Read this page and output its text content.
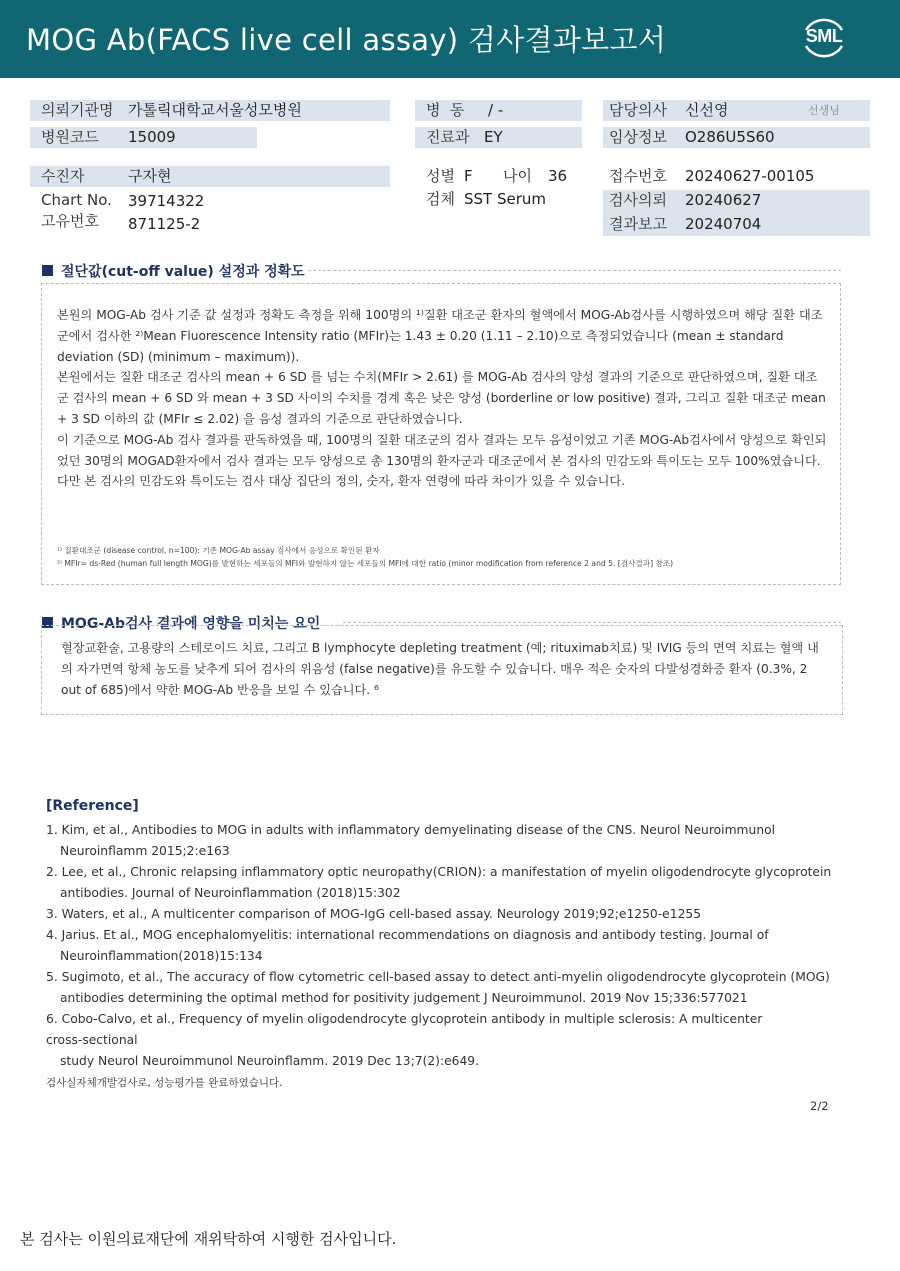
MOG Ab(FACS live cell assay) 검사결과보고서	SML
의뢰기관명 가톨릭대학교서울성모병원
병원코드 15009
병  동 / -
진료과 EY
담당의사 신선영	선생님
임상정보 O286U5S60
수진자	구자현
Chart No. 39714322
고유번호 871125-2
성별 F 나이 36
검체 SST Serum
접수번호 20240627-00105
검사의뢰 20240627
결과보고 20240704
절단값(cut-off value) 설정과 정확도

본원의 MOG-Ab 검사 기준 값 설정과 정확도 측정을 위해 100명의 ¹⁾질환 대조군 환자의 혈액에서 MOG-Ab검사를 시행하였으며 해당 질환 대조군에서 검사한 ²⁾Mean Fluorescence Intensity ratio (MFIr)는 1.43 ± 0.20 (1.11 – 2.10)으로 측정되었습니다 (mean ± standard deviation (SD) (minimum – maximum)).

본원에서는 질환 대조군 검사의 mean + 6 SD 를 넘는 수치(MFIr > 2.61) 를 MOG-Ab 검사의 양성 결과의 기준으로 판단하였으며, 질환 대조군 검사의 mean + 6 SD 와 mean + 3 SD 사이의 수치를 경계 혹은 낮은 양성 (borderline or low positive) 결과, 그리고 질환 대조군 mean + 3 SD 이하의 값 (MFIr ≤ 2.02) 을 음성 결과의 기준으로 판단하였습니다.

이 기준으로 MOG-Ab 검사 결과를 판독하였을 때, 100명의 질환 대조군의 검사 결과는 모두 음성이었고 기존 MOG-Ab검사에서 양성으로 확인되었던 30명의 MOGAD환자에서 검사 결과는 모두 양성으로 총 130명의 환자군과 대조군에서 본 검사의 민감도와 특이도는 모두 100%였습니다. 다만 본 검사의 민감도와 특이도는 검사 대상 집단의 정의, 숫자, 환자 연령에 따라 차이가 있을 수 있습니다.

¹⁾ 질환대조군 (disease control, n=100): 기존 MOG-Ab assay 검사에서 음성으로 확인된 환자
²⁾ MFIr= ds-Red (human full length MOG)를 발현하는 세포들의 MFI와 발현하지 않는 세포들의 MFI에 대한 ratio (minor modification from reference 2 and 5. [검사결과] 참조)
MOG-Ab검사 결과에 영향을 미치는 요인

혈장교환술, 고용량의 스테로이드 치료, 그리고 B lymphocyte depleting treatment (예; rituximab치료) 및 IVIG 등의 면역 치료는 혈액 내의 자가면역 항체 농도를 낮추게 되어 검사의 위음성 (false negative)를 유도할 수 있습니다. 매우 적은 숫자의 다발성경화증 환자 (0.3%, 2 out of 685)에서 약한 MOG-Ab 반응을 보일 수 있습니다. ⁶

[Reference]

1. Kim, et al., Antibodies to MOG in adults with inflammatory demyelinating disease of the CNS. Neurol Neuroimmunol

Neuroinflamm 2015;2:e163

2. Lee, et al., Chronic relapsing inflammatory optic neuropathy(CRION): a manifestation of myelin oligodendrocyte glycoprotein

antibodies. Journal of Neuroinflammation (2018)15:302

3. Waters, et al., A multicenter comparison of MOG-IgG cell-based assay. Neurology 2019;92;e1250-e1255

4. Jarius. Et al., MOG encephalomyelitis: international recommendations on diagnosis and antibody testing. Journal of

Neuroinflammation(2018)15:134

5. Sugimoto, et al., The accuracy of flow cytometric cell-based assay to detect anti-myelin oligodendrocyte glycoprotein (MOG)

antibodies determining the optimal method for positivity judgement J Neuroimmunol. 2019 Nov 15;336:577021

6. Cobo-Calvo, et al., Frequency of myelin oligodendrocyte glycoprotein antibody in multiple sclerosis: A multicenter

cross-sectional

study Neurol Neuroimmunol Neuroinflamm. 2019 Dec 13;7(2):e649.

검사실자체개발검사로, 성능평가를 완료하였습니다.
2/2
본 검사는 이원의료재단에 재위탁하여 시행한 검사입니다.
